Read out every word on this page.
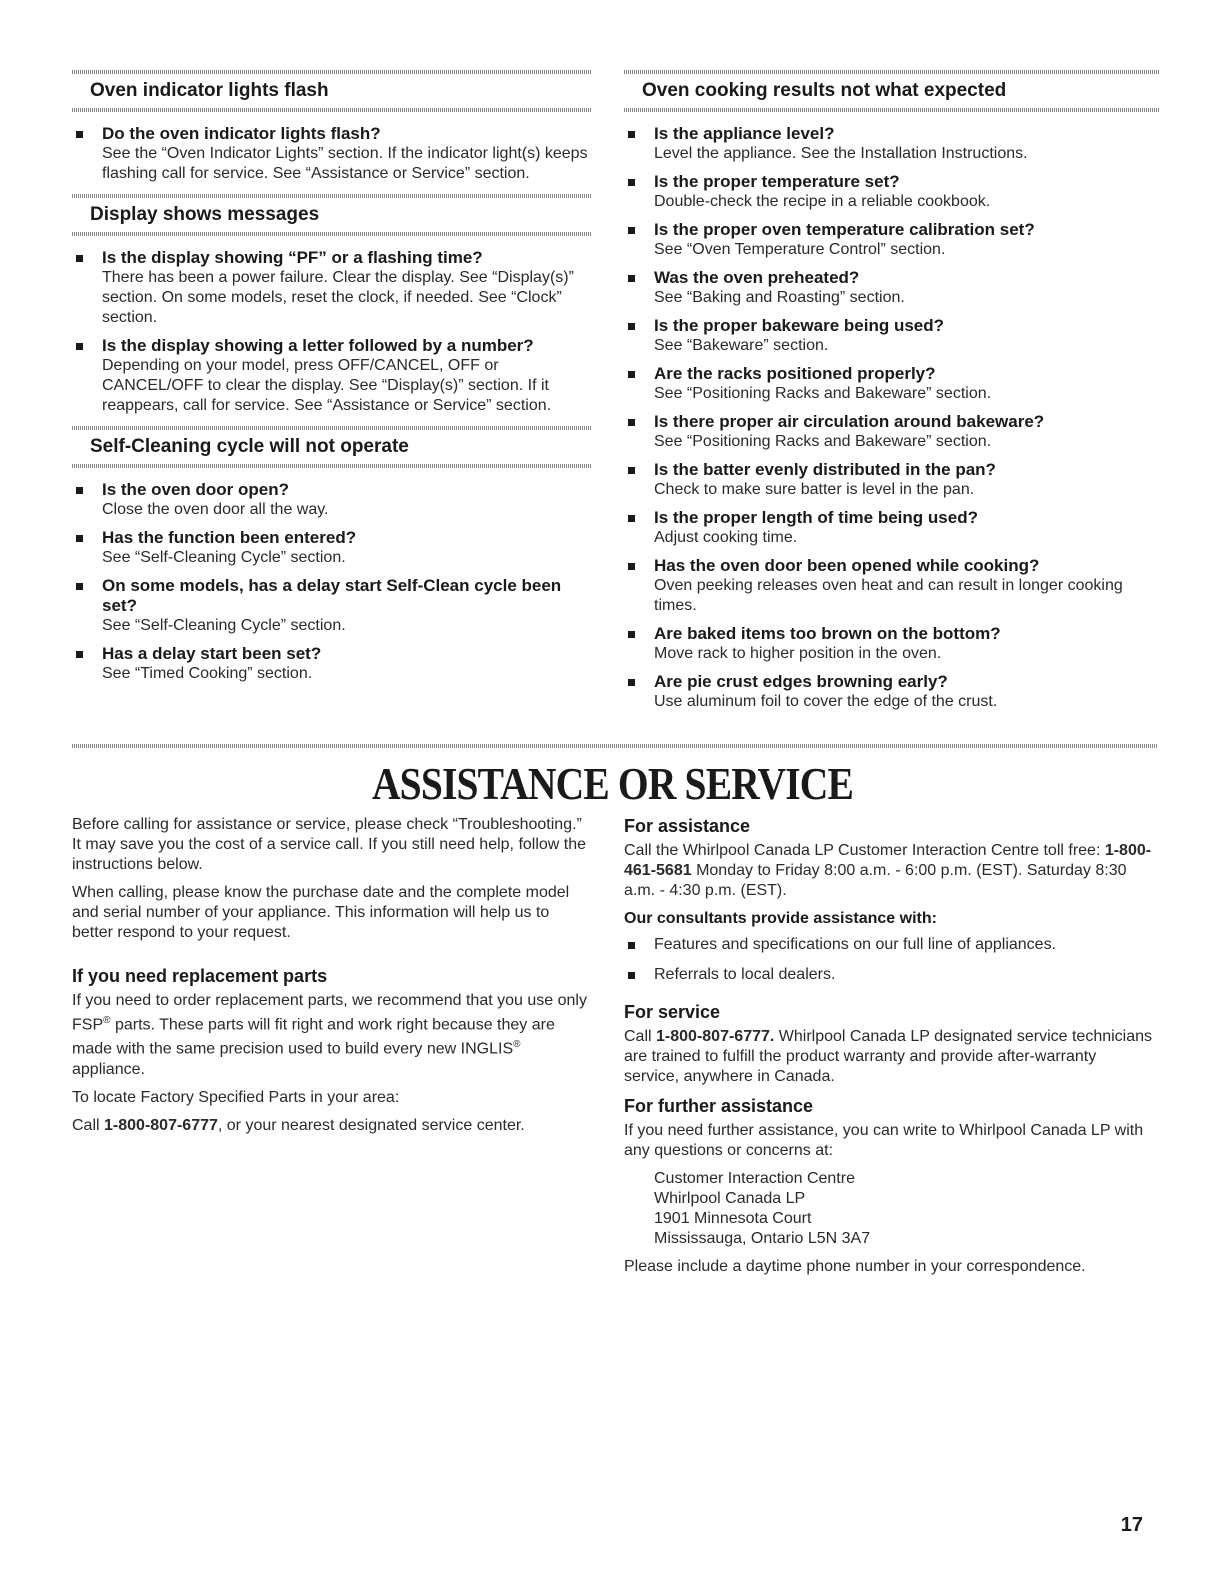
Oven indicator lights flash
Do the oven indicator lights flash?
See the “Oven Indicator Lights” section. If the indicator light(s) keeps flashing call for service. See “Assistance or Service” section.
Display shows messages
Is the display showing “PF” or a flashing time?
There has been a power failure. Clear the display. See “Display(s)” section. On some models, reset the clock, if needed. See “Clock” section.
Is the display showing a letter followed by a number?
Depending on your model, press OFF/CANCEL, OFF or CANCEL/OFF to clear the display. See “Display(s)” section. If it reappears, call for service. See “Assistance or Service” section.
Self-Cleaning cycle will not operate
Is the oven door open?
Close the oven door all the way.
Has the function been entered?
See “Self-Cleaning Cycle” section.
On some models, has a delay start Self-Clean cycle been set?
See “Self-Cleaning Cycle” section.
Has a delay start been set?
See “Timed Cooking” section.
Oven cooking results not what expected
Is the appliance level?
Level the appliance. See the Installation Instructions.
Is the proper temperature set?
Double-check the recipe in a reliable cookbook.
Is the proper oven temperature calibration set?
See “Oven Temperature Control” section.
Was the oven preheated?
See “Baking and Roasting” section.
Is the proper bakeware being used?
See “Bakeware” section.
Are the racks positioned properly?
See “Positioning Racks and Bakeware” section.
Is there proper air circulation around bakeware?
See “Positioning Racks and Bakeware” section.
Is the batter evenly distributed in the pan?
Check to make sure batter is level in the pan.
Is the proper length of time being used?
Adjust cooking time.
Has the oven door been opened while cooking?
Oven peeking releases oven heat and can result in longer cooking times.
Are baked items too brown on the bottom?
Move rack to higher position in the oven.
Are pie crust edges browning early?
Use aluminum foil to cover the edge of the crust.
ASSISTANCE OR SERVICE

Before calling for assistance or service, please check “Troubleshooting.” It may save you the cost of a service call. If you still need help, follow the instructions below.

When calling, please know the purchase date and the complete model and serial number of your appliance. This information will help us to better respond to your request.

If you need replacement parts

If you need to order replacement parts, we recommend that you use only FSP® parts. These parts will fit right and work right because they are made with the same precision used to build every new INGLIS® appliance.

To locate Factory Specified Parts in your area:

Call 1-800-807-6777, or your nearest designated service center.

For assistance

Call the Whirlpool Canada LP Customer Interaction Centre toll free: 1-800-461-5681 Monday to Friday 8:00 a.m. - 6:00 p.m. (EST). Saturday 8:30 a.m. - 4:30 p.m. (EST).

Our consultants provide assistance with:
Features and specifications on our full line of appliances.
Referrals to local dealers.
For service

Call 1-800-807-6777. Whirlpool Canada LP designated service technicians are trained to fulfill the product warranty and provide after-warranty service, anywhere in Canada.

For further assistance

If you need further assistance, you can write to Whirlpool Canada LP with any questions or concerns at:

Customer Interaction Centre
Whirlpool Canada LP
1901 Minnesota Court
Mississauga, Ontario L5N 3A7

Please include a daytime phone number in your correspondence.

17
